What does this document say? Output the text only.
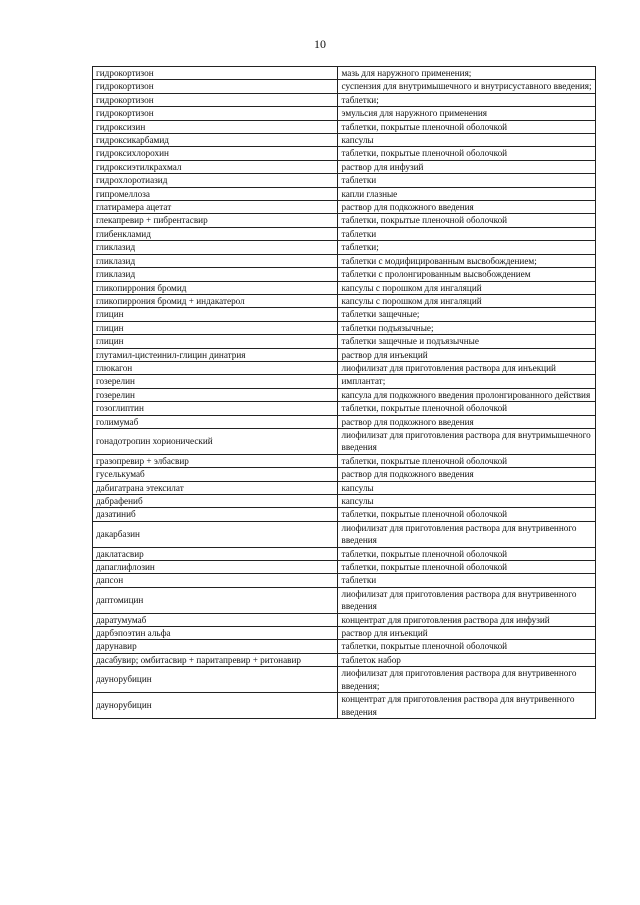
10
гидрокортизон	мазь для наружного применения;
гидрокортизон	суспензия для внутримышечного и внутрисуставного введения;
гидрокортизон	таблетки;
гидрокортизон	эмульсия для наружного применения
гидроксизин	таблетки, покрытые пленочной оболочкой
гидроксикарбамид	капсулы
гидроксихлорохин	таблетки, покрытые пленочной оболочкой
гидроксиэтилкрахмал	раствор для инфузий
гидрохлоротиазид	таблетки
гипромеллоза	капли глазные
глатирамера ацетат	раствор для подкожного введения
глекапревир + пибрентасвир	таблетки, покрытые пленочной оболочкой
глибенкламид	таблетки
гликлазид	таблетки;
гликлазид	таблетки с модифицированным высвобождением;
гликлазид	таблетки с пролонгированным высвобождением
гликопиррония бромид	капсулы с порошком для ингаляций
гликопиррония бромид + индакатерол	капсулы с порошком для ингаляций
глицин	таблетки защечные;
глицин	таблетки подъязычные;
глицин	таблетки защечные и подъязычные
глутамил-цистеинил-глицин динатрия	раствор для инъекций
глюкагон	лиофилизат для приготовления раствора для инъекций
гозерелин	имплантат;
гозерелин	капсула для подкожного введения пролонгированного действия
гозоглиптин	таблетки, покрытые пленочной оболочкой
голимумаб	раствор для подкожного введения
гонадотропин хорионический	лиофилизат для приготовления раствора для внутримышечного введения
гразопревир + элбасвир	таблетки, покрытые пленочной оболочкой
гуселькумаб	раствор для подкожного введения
дабигатрана этексилат	капсулы
дабрафениб	капсулы
дазатиниб	таблетки, покрытые пленочной оболочкой
дакарбазин	лиофилизат для приготовления раствора для внутривенного введения
даклатасвир	таблетки, покрытые пленочной оболочкой
дапаглифлозин	таблетки, покрытые пленочной оболочкой
дапсон	таблетки
даптомицин	лиофилизат для приготовления раствора для внутривенного введения
даратумумаб	концентрат для приготовления раствора для инфузий
дарбэпоэтин альфа	раствор для инъекций
дарунавир	таблетки, покрытые пленочной оболочкой
дасабувир; омбитасвир + паритапревир + ритонавир	таблеток набор
даунорубицин	лиофилизат для приготовления раствора для внутривенного введения;
даунорубицин	концентрат для приготовления раствора для внутривенного введения
